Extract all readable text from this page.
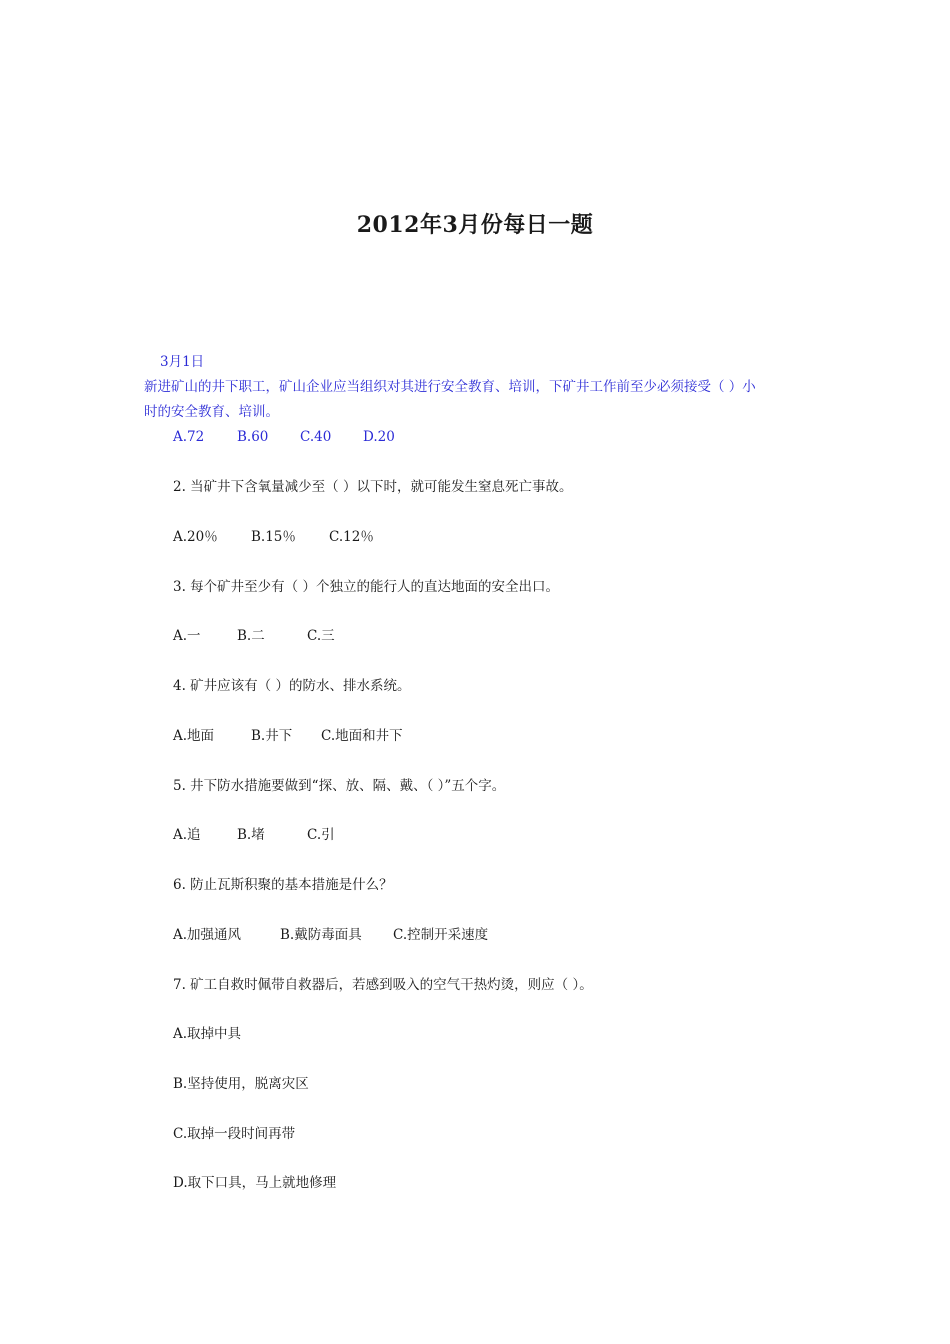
2012年3月份每日一题
3月1日
新进矿山的井下职工，矿山企业应当组织对其进行安全教育、培训，下矿井工作前至少必须接受（ ）小
时的安全教育、培训。
A.72 B.60 C.40 D.20
2. 当矿井下含氧量减少至（ ）以下时，就可能发生窒息死亡事故。
A.20％ B.15％ C.12％
3. 每个矿井至少有（ ）个独立的能行人的直达地面的安全出口。
A.一	B.二	C.三
4. 矿井应该有（ ）的防水、排水系统。
A.地面	B.井下 C.地面和井下
5. 井下防水措施要做到“探、放、隔、戴、（ ）”五个字。
A.追	B.堵	C.引
6. 防止瓦斯积聚的基本措施是什么？
A.加强通风	B.戴防毒面具 C.控制开采速度
7. 矿工自救时佩带自救器后，若感到吸入的空气干热灼烫，则应（ ）。
A.取掉中具
B.坚持使用，脱离灾区
C.取掉一段时间再带
D.取下口具，马上就地修理
